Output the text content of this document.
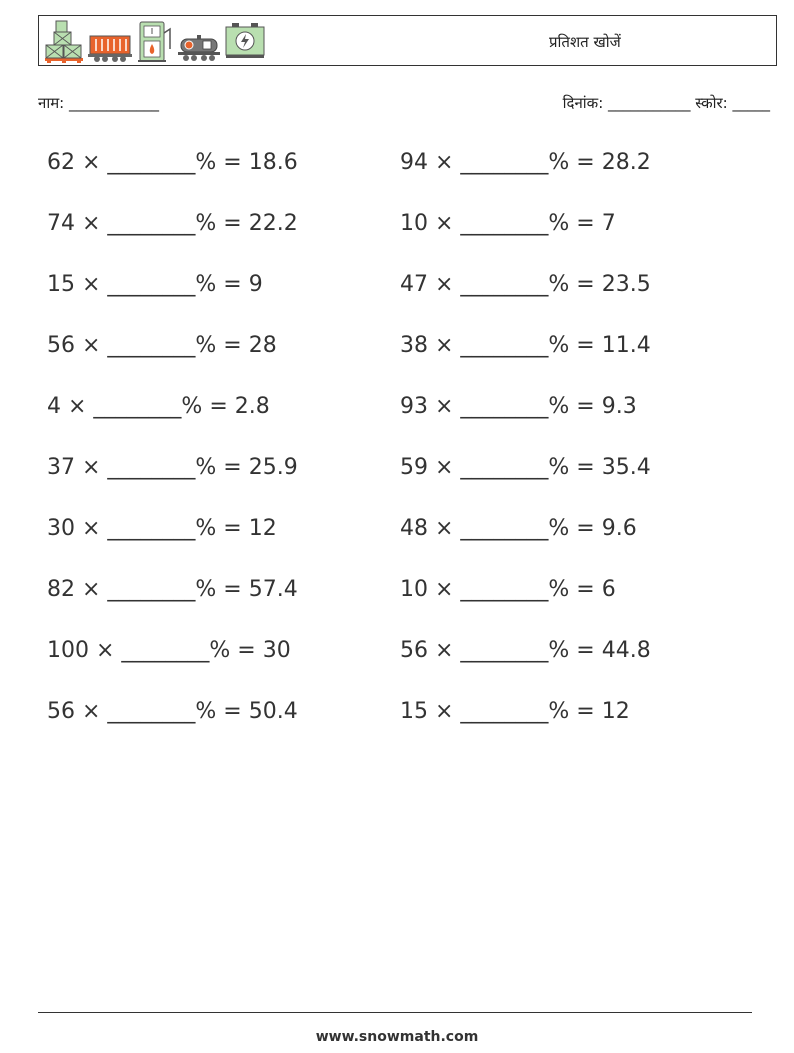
प्रतिशत खोजें
नाम: ____________	दिनांक: ___________ स्कोर: _____
62 × ________% = 18.6
74 × ________% = 22.2
15 × ________% = 9
56 × ________% = 28
4 × ________% = 2.8
37 × ________% = 25.9
30 × ________% = 12
82 × ________% = 57.4
100 × ________% = 30
56 × ________% = 50.4
94 × ________% = 28.2
10 × ________% = 7
47 × ________% = 23.5
38 × ________% = 11.4
93 × ________% = 9.3
59 × ________% = 35.4
48 × ________% = 9.6
10 × ________% = 6
56 × ________% = 44.8
15 × ________% = 12
www.snowmath.com
